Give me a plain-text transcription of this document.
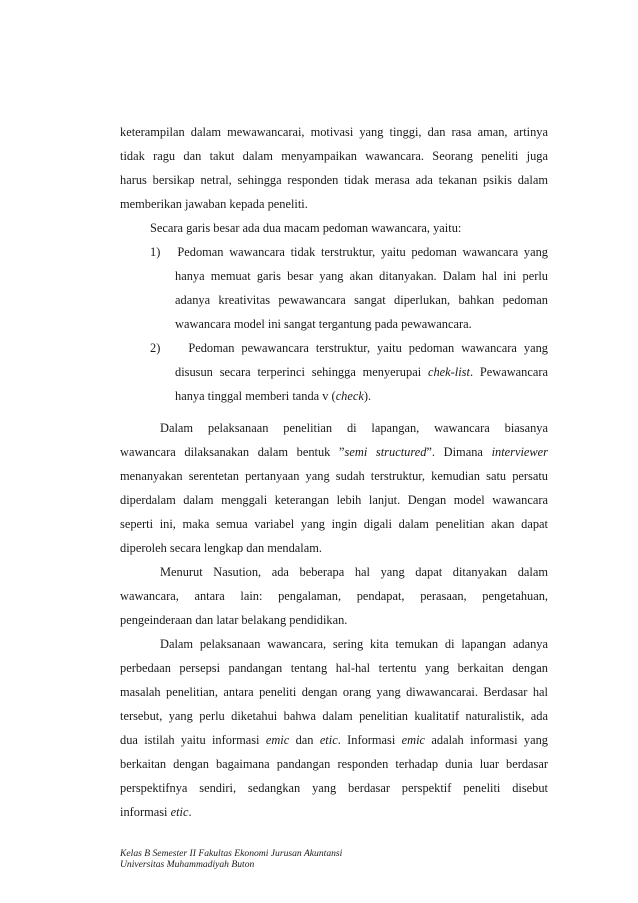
keterampilan dalam mewawancarai, motivasi yang tinggi, dan rasa aman, artinya
tidak ragu dan takut dalam menyampaikan wawancara. Seorang peneliti juga
harus bersikap netral, sehingga responden tidak merasa ada tekanan psikis dalam
memberikan jawaban kepada peneliti.
Secara garis besar ada dua macam pedoman wawancara, yaitu:
1) Pedoman wawancara tidak terstruktur, yaitu pedoman wawancara yang
hanya memuat garis besar yang akan ditanyakan. Dalam hal ini perlu
adanya kreativitas pewawancara sangat diperlukan, bahkan pedoman
wawancara model ini sangat tergantung pada pewawancara.
2) Pedoman pewawancara terstruktur, yaitu pedoman wawancara yang
disusun secara terperinci sehingga menyerupai chek-list. Pewawancara
hanya tinggal memberi tanda v (check).
Dalam pelaksanaan penelitian di lapangan, wawancara biasanya
wawancara dilaksanakan dalam bentuk ”semi structured”. Dimana interviewer
menanyakan serentetan pertanyaan yang sudah terstruktur, kemudian satu persatu
diperdalam dalam menggali keterangan lebih lanjut. Dengan model wawancara
seperti ini, maka semua variabel yang ingin digali dalam penelitian akan dapat
diperoleh secara lengkap dan mendalam.
Menurut Nasution, ada beberapa hal yang dapat ditanyakan dalam
wawancara, antara lain: pengalaman, pendapat, perasaan, pengetahuan,
pengeinderaan dan latar belakang pendidikan.
Dalam pelaksanaan wawancara, sering kita temukan di lapangan adanya
perbedaan persepsi pandangan tentang hal-hal tertentu yang berkaitan dengan
masalah penelitian, antara peneliti dengan orang yang diwawancarai. Berdasar hal
tersebut, yang perlu diketahui bahwa dalam penelitian kualitatif naturalistik, ada
dua istilah yaitu informasi emic dan etic. Informasi emic adalah informasi yang
berkaitan dengan bagaimana pandangan responden terhadap dunia luar berdasar
perspektifnya sendiri, sedangkan yang berdasar perspektif peneliti disebut
informasi etic.
Kelas B Semester II Fakultas Ekonomi Jurusan Akuntansi
Universitas Muhammadiyah Buton
